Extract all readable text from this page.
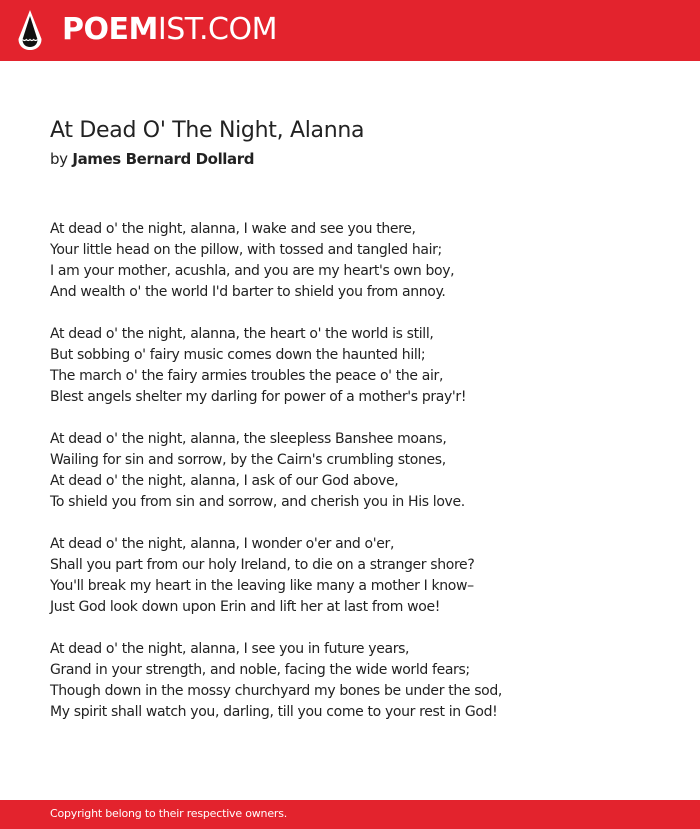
POEMIST.COM
At Dead O' The Night, Alanna
by James Bernard Dollard
At dead o' the night, alanna, I wake and see you there,
Your little head on the pillow, with tossed and tangled hair;
I am your mother, acushla, and you are my heart's own boy,
And wealth o' the world I'd barter to shield you from annoy.
At dead o' the night, alanna, the heart o' the world is still,
But sobbing o' fairy music comes down the haunted hill;
The march o' the fairy armies troubles the peace o' the air,
Blest angels shelter my darling for power of a mother's pray'r!
At dead o' the night, alanna, the sleepless Banshee moans,
Wailing for sin and sorrow, by the Cairn's crumbling stones,
At dead o' the night, alanna, I ask of our God above,
To shield you from sin and sorrow, and cherish you in His love.
At dead o' the night, alanna, I wonder o'er and o'er,
Shall you part from our holy Ireland, to die on a stranger shore?
You'll break my heart in the leaving like many a mother I know–
Just God look down upon Erin and lift her at last from woe!
At dead o' the night, alanna, I see you in future years,
Grand in your strength, and noble, facing the wide world fears;
Though down in the mossy churchyard my bones be under the sod,
My spirit shall watch you, darling, till you come to your rest in God!
Copyright belong to their respective owners.
